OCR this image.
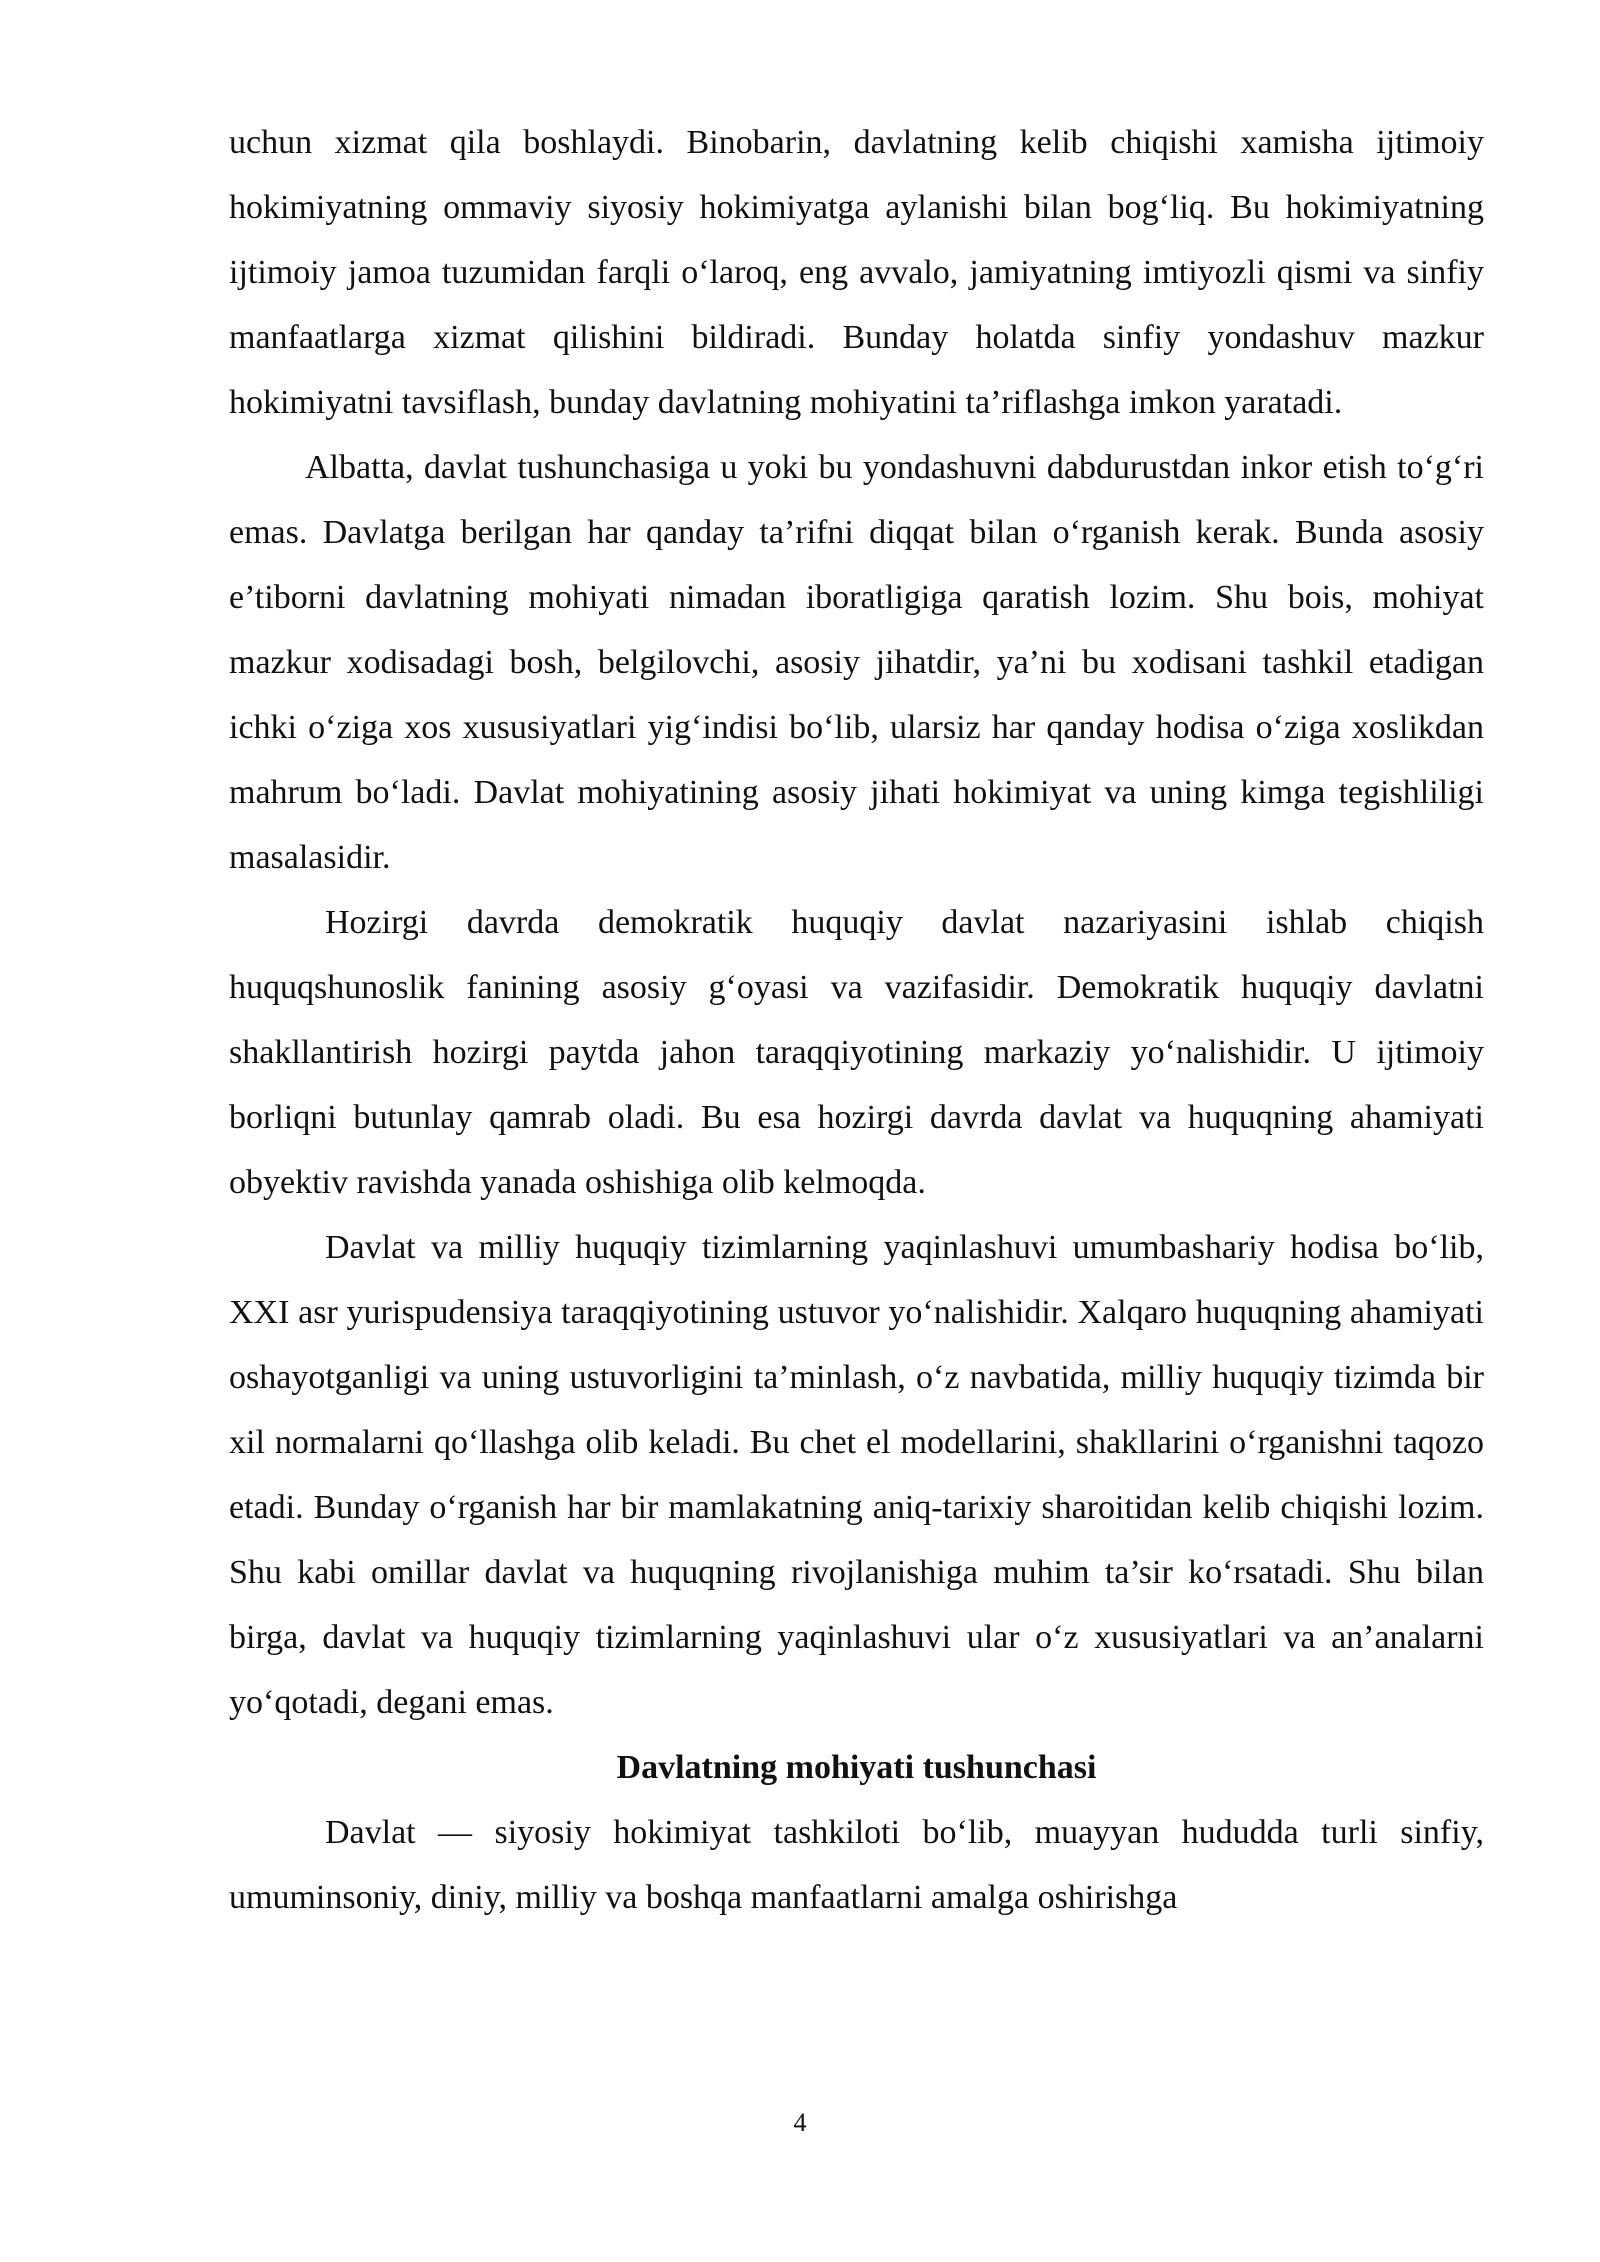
uchun xizmat qila boshlaydi. Binobarin, davlatning kelib chiqishi xamisha ijtimoiy hokimiyatning ommaviy siyosiy hokimiyatga aylanishi bilan bog‘liq. Bu hokimiyatning ijtimoiy jamoa tuzumidan farqli o‘laroq, eng avvalo, jamiyatning imtiyozli qismi va sinfiy manfaatlarga xizmat qilishini bildiradi. Bunday holatda sinfiy yondashuv mazkur hokimiyatni tavsiflash, bunday davlatning mohiyatini ta’riflashga imkon yaratadi.

Albatta, davlat tushunchasiga u yoki bu yondashuvni dabdurustdan inkor etish to‘g‘ri emas. Davlatga berilgan har qanday ta’rifni diqqat bilan o‘rganish kerak. Bunda asosiy e’tiborni davlatning mohiyati nimadan iboratligiga qaratish lozim. Shu bois, mohiyat mazkur xodisadagi bosh, belgilovchi, asosiy jihatdir, ya’ni bu xodisani tashkil etadigan ichki o‘ziga xos xususiyatlari yig‘indisi bo‘lib, ularsiz har qanday hodisa o‘ziga xoslikdan mahrum bo‘ladi. Davlat mohiyatining asosiy jihati hokimiyat va uning kimga tegishliligi masalasidir.

Hozirgi davrda demokratik huquqiy davlat nazariyasini ishlab chiqish huquqshunoslik fanining asosiy g‘oyasi va vazifasidir. Demokratik huquqiy davlatni shakllantirish hozirgi paytda jahon taraqqiyotining markaziy yo‘nalishidir. U ijtimoiy borliqni butunlay qamrab oladi. Bu esa hozirgi davrda davlat va huquqning ahamiyati obyektiv ravishda yanada oshishiga olib kelmoqda.

Davlat va milliy huquqiy tizimlarning yaqinlashuvi umumbashariy hodisa bo‘lib, XXI asr yurispudensiya taraqqiyotining ustuvor yo‘nalishidir. Xalqaro huquqning ahamiyati oshayotganligi va uning ustuvorligini ta’minlash, o‘z navbatida, milliy huquqiy tizimda bir xil normalarni qo‘llashga olib keladi. Bu chet el modellarini, shakllarini o‘rganishni taqozo etadi. Bunday o‘rganish har bir mamlakatning aniq-tarixiy sharoitidan kelib chiqishi lozim. Shu kabi omillar davlat va huquqning rivojlanishiga muhim ta’sir ko‘rsatadi. Shu bilan birga, davlat va huquqiy tizimlarning yaqinlashuvi ular o‘z xususiyatlari va an’analarni yo‘qotadi, degani emas.

Davlatning mohiyati tushunchasi

Davlat — siyosiy hokimiyat tashkiloti bo‘lib, muayyan hududda turli sinfiy, umuminsoniy, diniy, milliy va boshqa manfaatlarni amalga oshirishga

4
